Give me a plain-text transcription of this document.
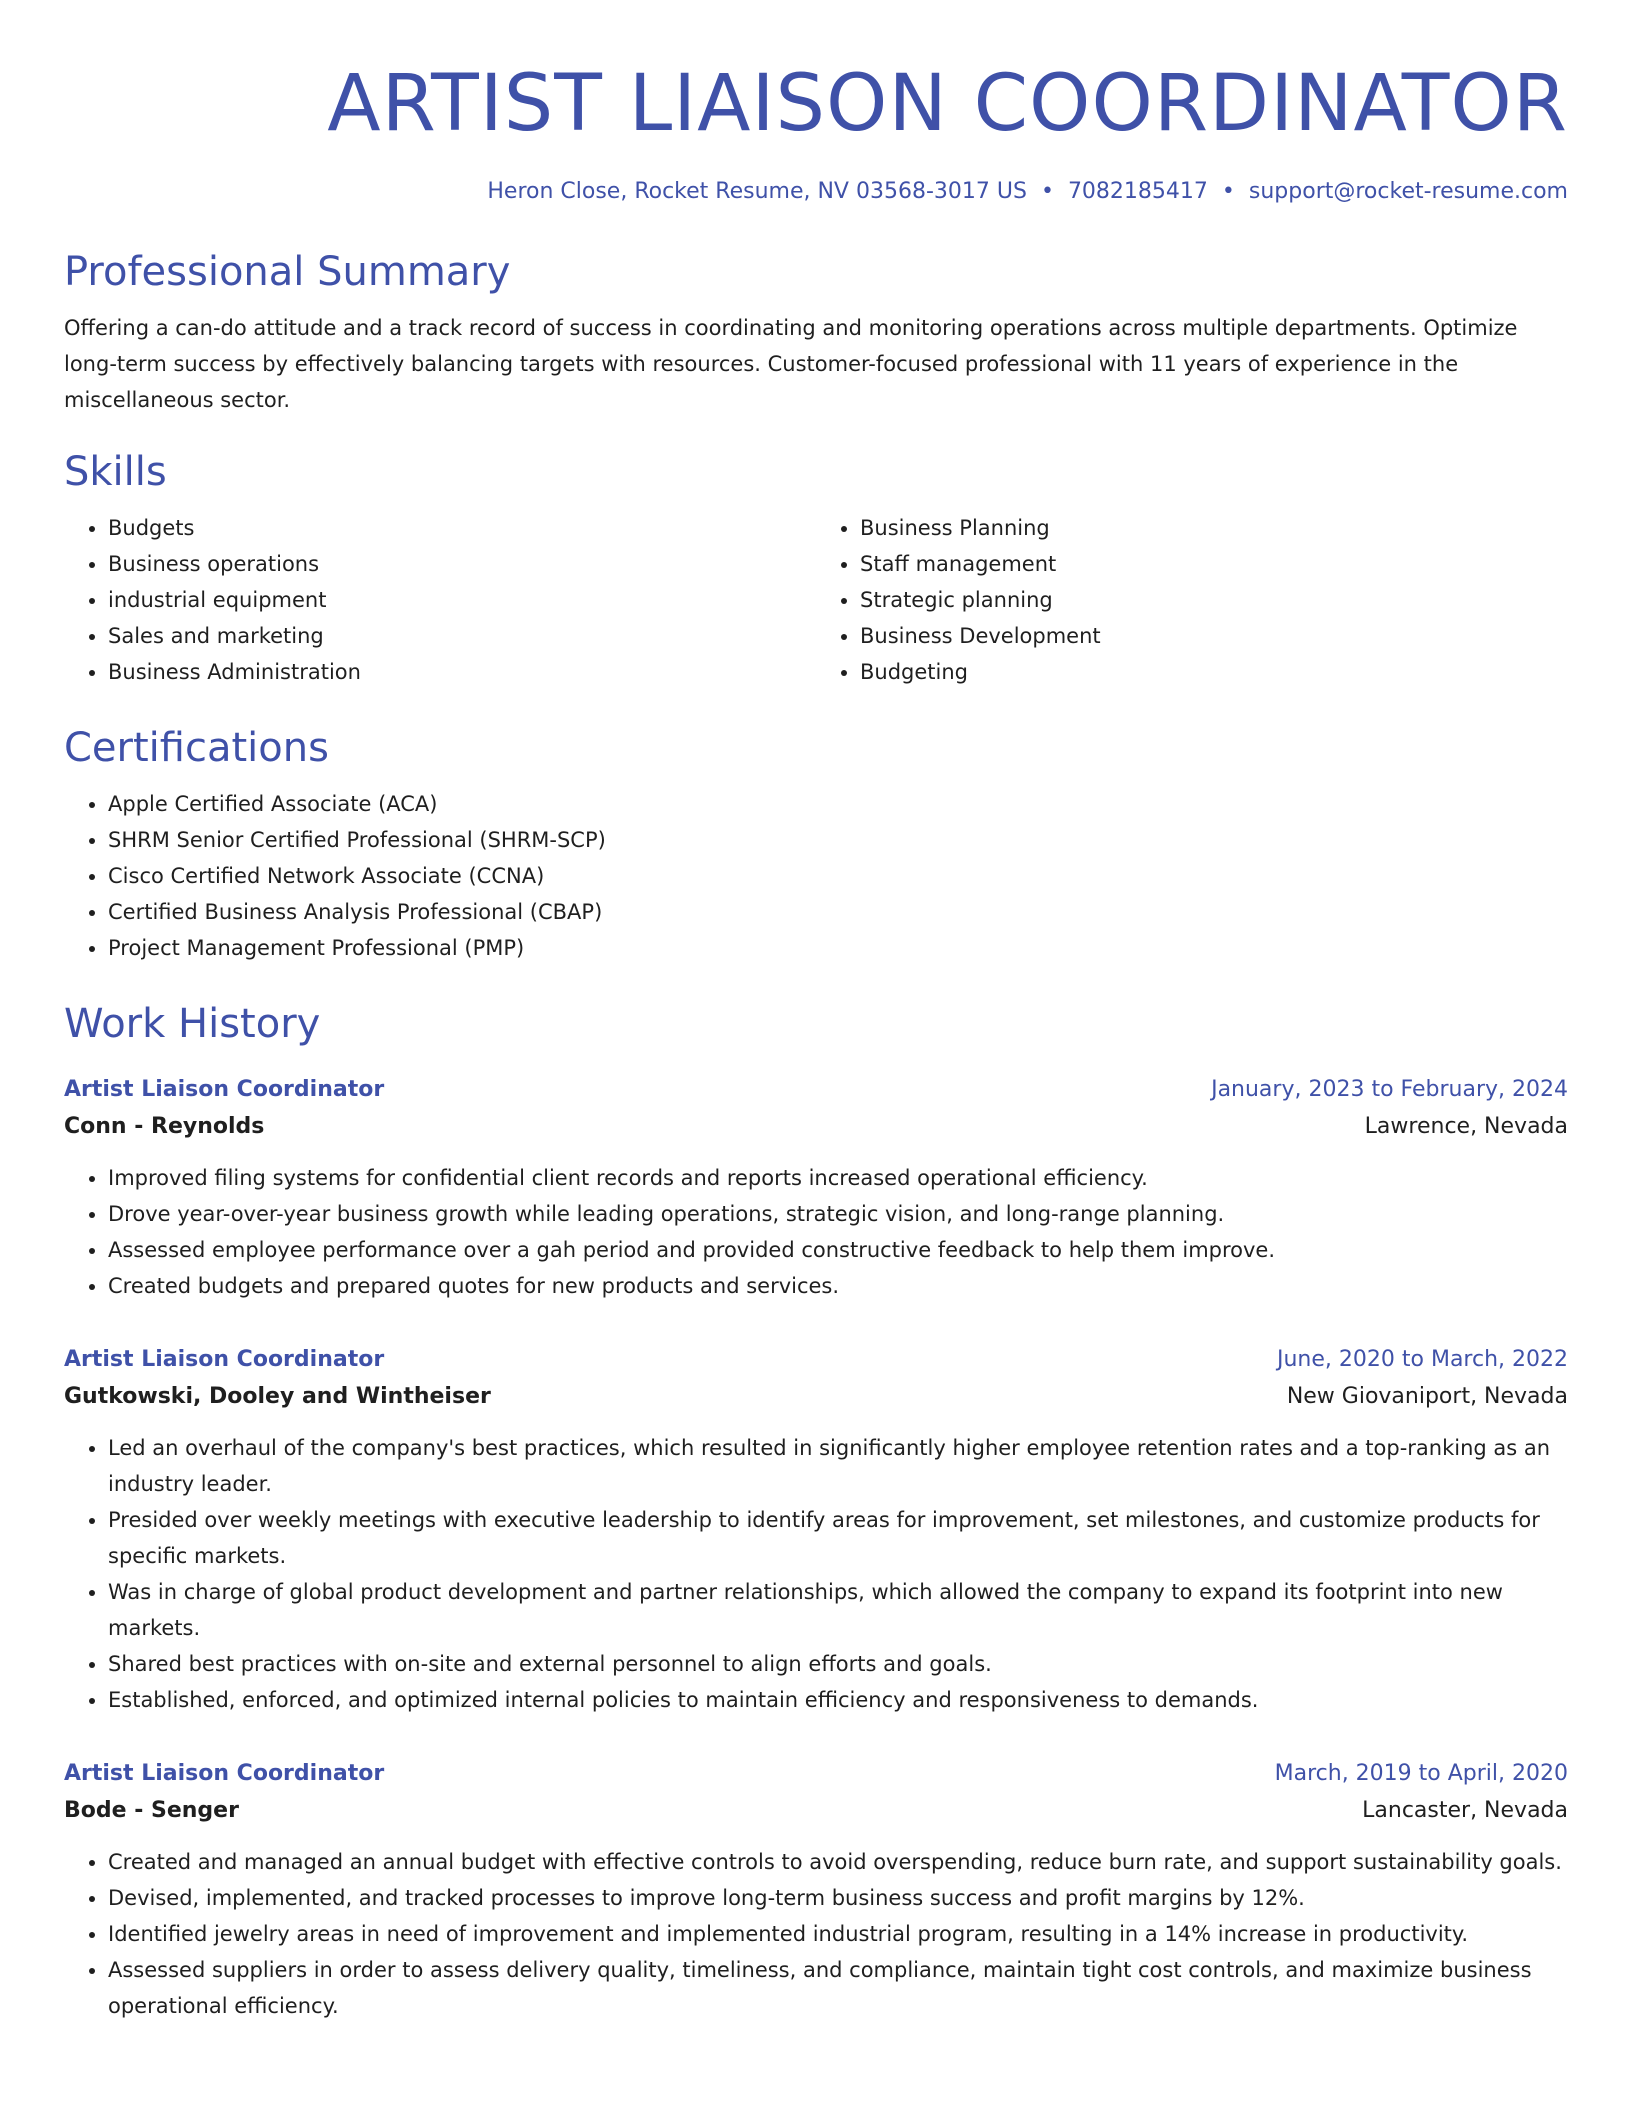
ARTIST LIAISON COORDINATOR
Heron Close, Rocket Resume, NV 03568-3017 US • 7082185417 • support@rocket-resume.com
Professional Summary
Offering a can-do attitude and a track record of success in coordinating and monitoring operations across multiple departments. Optimize long-term success by effectively balancing targets with resources. Customer-focused professional with 11 years of experience in the miscellaneous sector.
Skills
• Budgets
• Business operations
• industrial equipment
• Sales and marketing
• Business Administration
• Business Planning
• Staff management
• Strategic planning
• Business Development
• Budgeting
Certifications
• Apple Certified Associate (ACA)
• SHRM Senior Certified Professional (SHRM-SCP)
• Cisco Certified Network Associate (CCNA)
• Certified Business Analysis Professional (CBAP)
• Project Management Professional (PMP)
Work History
Artist Liaison Coordinator	January, 2023 to February, 2024
Conn - Reynolds	Lawrence, Nevada
• Improved filing systems for confidential client records and reports increased operational efficiency.
• Drove year-over-year business growth while leading operations, strategic vision, and long-range planning.
• Assessed employee performance over a gah period and provided constructive feedback to help them improve.
• Created budgets and prepared quotes for new products and services.
Artist Liaison Coordinator	June, 2020 to March, 2022
Gutkowski, Dooley and Wintheiser	New Giovaniport, Nevada
• Led an overhaul of the company's best practices, which resulted in significantly higher employee retention rates and a top-ranking as an industry leader.
• Presided over weekly meetings with executive leadership to identify areas for improvement, set milestones, and customize products for specific markets.
• Was in charge of global product development and partner relationships, which allowed the company to expand its footprint into new markets.
• Shared best practices with on-site and external personnel to align efforts and goals.
• Established, enforced, and optimized internal policies to maintain efficiency and responsiveness to demands.
Artist Liaison Coordinator	March, 2019 to April, 2020
Bode - Senger	Lancaster, Nevada
• Created and managed an annual budget with effective controls to avoid overspending, reduce burn rate, and support sustainability goals.
• Devised, implemented, and tracked processes to improve long-term business success and profit margins by 12%.
• Identified jewelry areas in need of improvement and implemented industrial program, resulting in a 14% increase in productivity.
• Assessed suppliers in order to assess delivery quality, timeliness, and compliance, maintain tight cost controls, and maximize business operational efficiency.
